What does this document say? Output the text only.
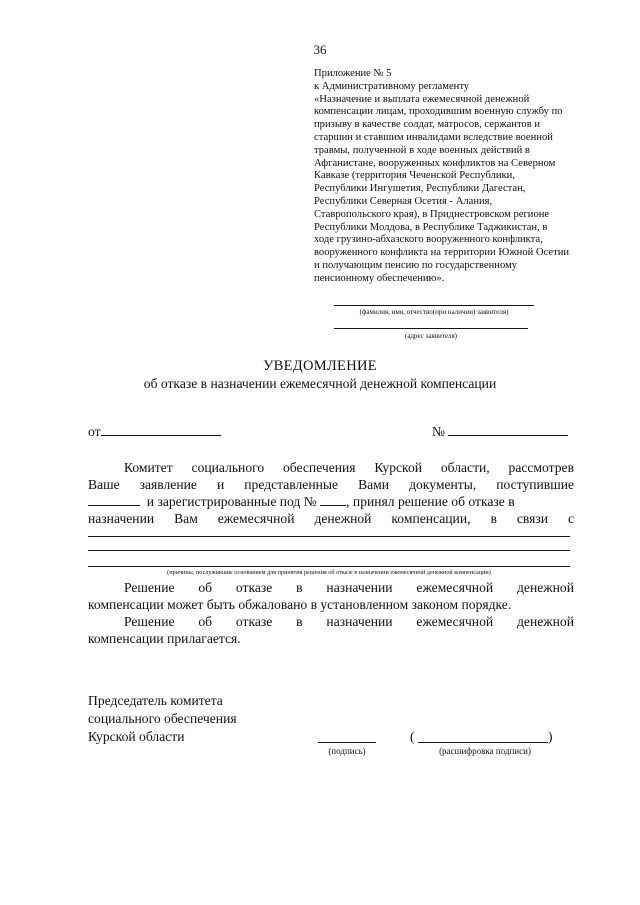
36
Приложение № 5
к Административному регламенту
«Назначение и выплата ежемесячной денежной
компенсации лицам, проходившим военную службу по
призыву в качестве солдат, матросов, сержантов и
старшин и ставшим инвалидами вследствие военной
травмы, полученной в ходе военных действий в
Афганистане, вооруженных конфликтов на Северном
Кавказе (территория Чеченской Республики,
Республики Ингушетия, Республики Дагестан,
Республики Северная Осетия - Алания,
Ставропольского края), в Приднестровском регионе
Республики Молдова, в Республике Таджикистан, в
ходе грузино-абхазского вооруженного конфликта,
вооруженного конфликта на территории Южной Осетии
и получающим пенсию по государственному
пенсионному обеспечению».
(фамилия, имя, отчество(при наличии) заявителя)
(адрес заявителя)
УВЕДОМЛЕНИЕ
об отказе в назначении ежемесячной денежной компенсации
от	№
Комитет социального обеспечения Курской области, рассмотрев
Ваше заявление и представленные Вами документы, поступившие
и зарегистрированные под № , принял решение об отказе в
назначении Вам ежемесячной денежной компенсации, в связи с
(причины, послужившие основанием для принятия решения об отказе в назначении ежемесячной денежной компенсации)
Решение об отказе в назначении ежемесячной денежной
компенсации может быть обжаловано в установленном законом порядке.
Решение об отказе в назначении ежемесячной денежной
компенсации прилагается.
Председатель комитета
социального обеспечения
Курской области
(подпись)
(	)
(расшифровка подписи)
